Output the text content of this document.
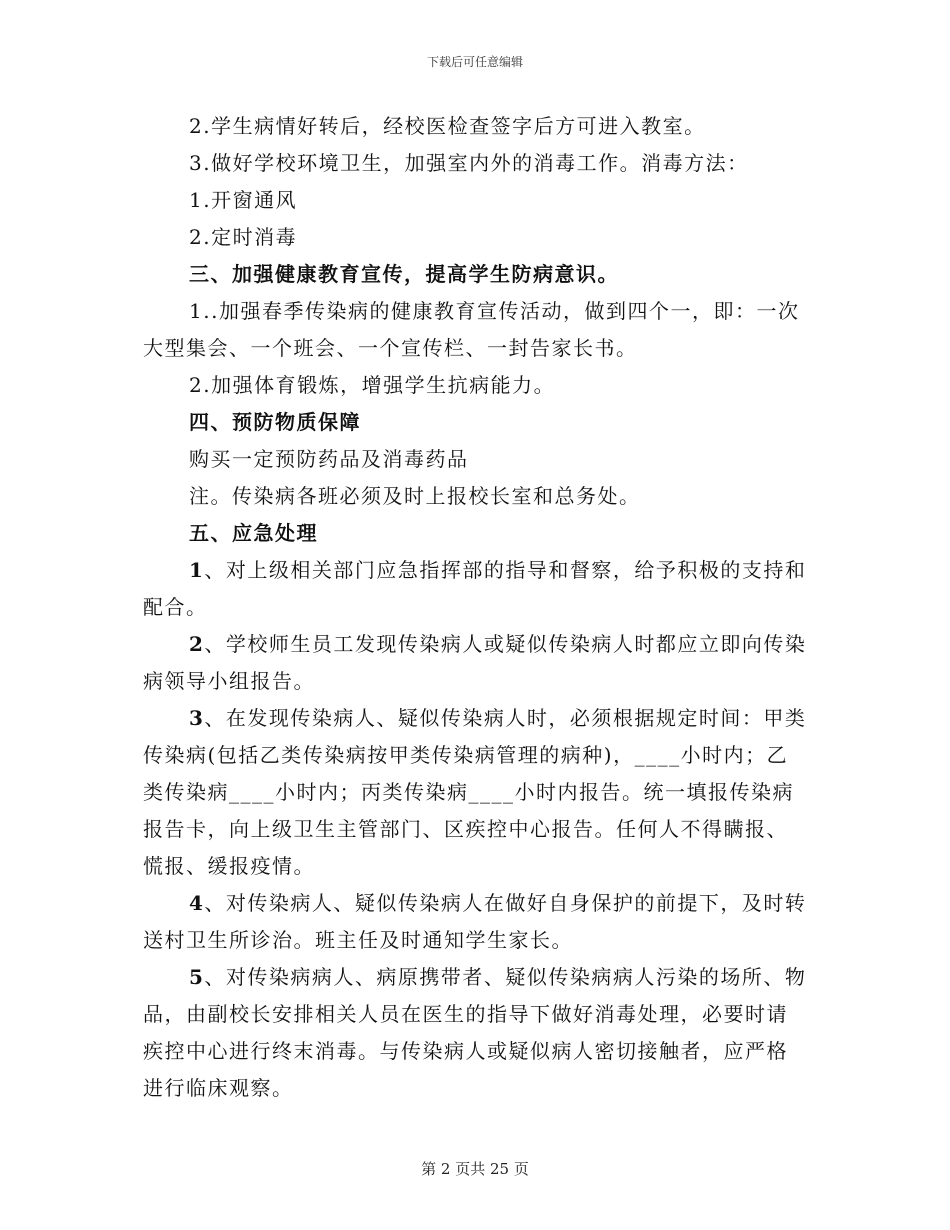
下载后可任意编辑

2.学生病情好转后，经校医检查签字后方可进入教室。

3.做好学校环境卫生，加强室内外的消毒工作。消毒方法：

1.开窗通风

2.定时消毒

三、加强健康教育宣传，提高学生防病意识。

1..加强春季传染病的健康教育宣传活动，做到四个一，即：一次大型集会、一个班会、一个宣传栏、一封告家长书。

2.加强体育锻炼，增强学生抗病能力。

四、预防物质保障

购买一定预防药品及消毒药品

注。传染病各班必须及时上报校长室和总务处。

五、应急处理

1、对上级相关部门应急指挥部的指导和督察，给予积极的支持和配合。

2、学校师生员工发现传染病人或疑似传染病人时都应立即向传染病领导小组报告。

3、在发现传染病人、疑似传染病人时，必须根据规定时间：甲类传染病(包括乙类传染病按甲类传染病管理的病种)，____小时内；乙类传染病____小时内；丙类传染病____小时内报告。统一填报传染病报告卡，向上级卫生主管部门、区疾控中心报告。任何人不得瞒报、慌报、缓报疫情。

4、对传染病人、疑似传染病人在做好自身保护的前提下，及时转送村卫生所诊治。班主任及时通知学生家长。

5、对传染病病人、病原携带者、疑似传染病病人污染的场所、物品，由副校长安排相关人员在医生的指导下做好消毒处理，必要时请疾控中心进行终末消毒。与传染病人或疑似病人密切接触者，应严格进行临床观察。

第 2 页共 25 页
